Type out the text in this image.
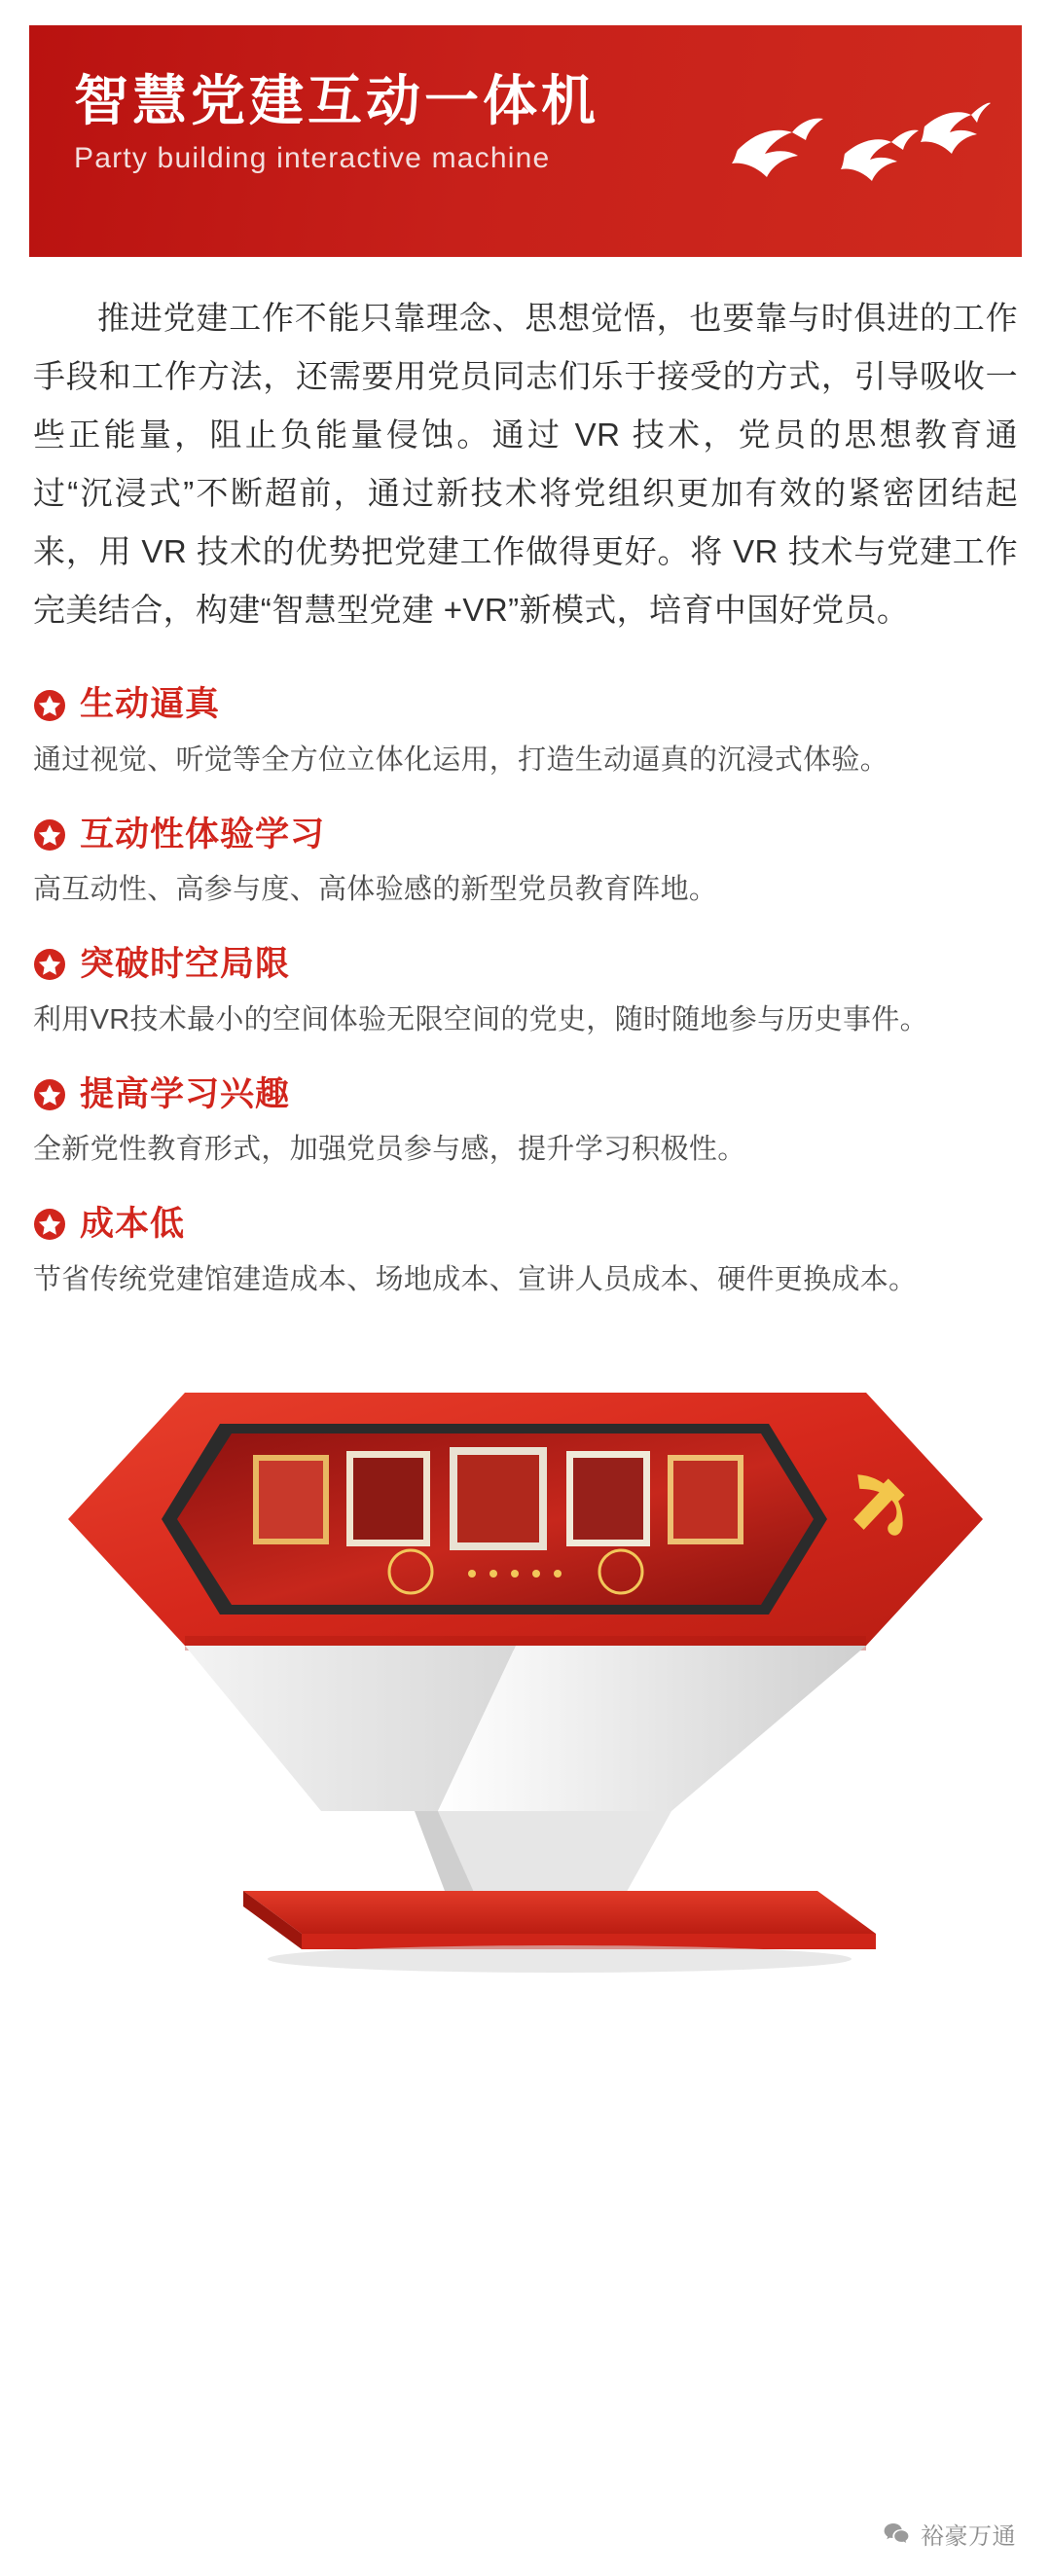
智慧党建互动一体机
Party building interactive machine

推进党建工作不能只靠理念、思想觉悟，也要靠与时俱进的工作手段和工作方法，还需要用党员同志们乐于接受的方式，引导吸收一些正能量，阻止负能量侵蚀。通过 VR 技术，党员的思想教育通过“沉浸式”不断超前，通过新技术将党组织更加有效的紧密团结起来，用 VR 技术的优势把党建工作做得更好。将 VR 技术与党建工作完美结合，构建“智慧型党建 +VR”新模式，培育中国好党员。

生动逼真
通过视觉、听觉等全方位立体化运用，打造生动逼真的沉浸式体验。
互动性体验学习
高互动性、高参与度、高体验感的新型党员教育阵地。
突破时空局限
利用VR技术最小的空间体验无限空间的党史，随时随地参与历史事件。
提高学习兴趣
全新党性教育形式，加强党员参与感，提升学习积极性。
成本低
节省传统党建馆建造成本、场地成本、宣讲人员成本、硬件更换成本。
裕豪万通
